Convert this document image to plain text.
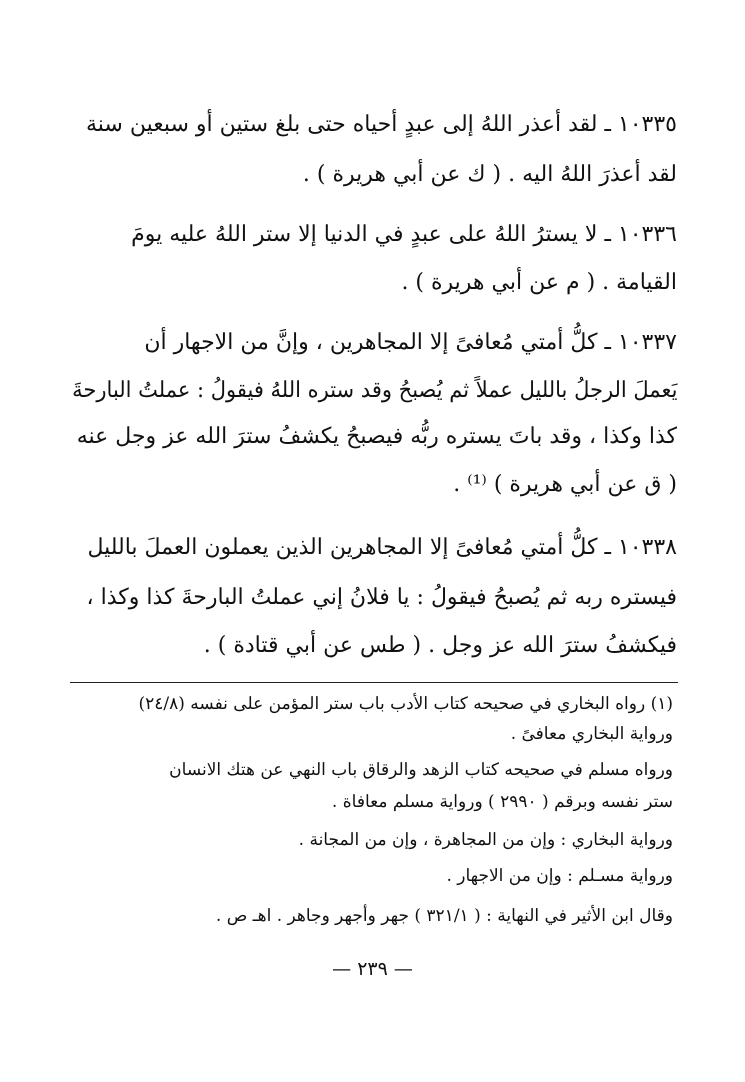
١٠٣٣٥ ـ لقد أعذر اللهُ إلى عبدٍ أحياه حتى بلغ ستين أو سبعين سنة
لقد أعذرَ اللهُ اليه . ( ك عن أبي هريرة ) .
١٠٣٣٦ ـ لا يسترُ اللهُ على عبدٍ في الدنيا إلا ستر اللهُ عليه يومَ
القيامة . ( م عن أبي هريرة ) .
١٠٣٣٧ ـ كلُّ أمتي مُعافىً إلا المجاهرين ، وإنَّ من الاجهار أن
يَعملَ الرجلُ بالليل عملاً ثم يُصبحُ وقد ستره اللهُ فيقولُ : عملتُ البارحةَ
كذا وكذا ، وقد باتَ يستره ربُّه فيصبحُ يكشفُ سترَ الله عز وجل عنه
( ق عن أبي هريرة ) ⁽¹⁾ .
١٠٣٣٨ ـ كلُّ أمتي مُعافىً إلا المجاهرين الذين يعملون العملَ بالليل
فيستره ربه ثم يُصبحُ فيقولُ : يا فلانُ إني عملتُ البارحةَ كذا وكذا ،
فيكشفُ سترَ الله عز وجل . ( طس عن أبي قتادة ) .
(١) رواه البخاري في صحيحه كتاب الأدب باب ستر المؤمن على نفسه (٢٤/٨)
ورواية البخاري معافىً .
ورواه مسلم في صحيحه كتاب الزهد والرقاق باب النهي عن هتك الانسان
ستر نفسه وبرقم ( ٢٩٩٠ ) ورواية مسلم معافاة .
ورواية البخاري : وإن من المجاهرة ، وإن من المجانة .
ورواية مسـلم : وإن من الاجهار .
وقال ابن الأثير في النهاية : ( ٣٢١/١ ) جهر وأجهر وجاهر . اهـ ص .
— ٢٣٩ —
